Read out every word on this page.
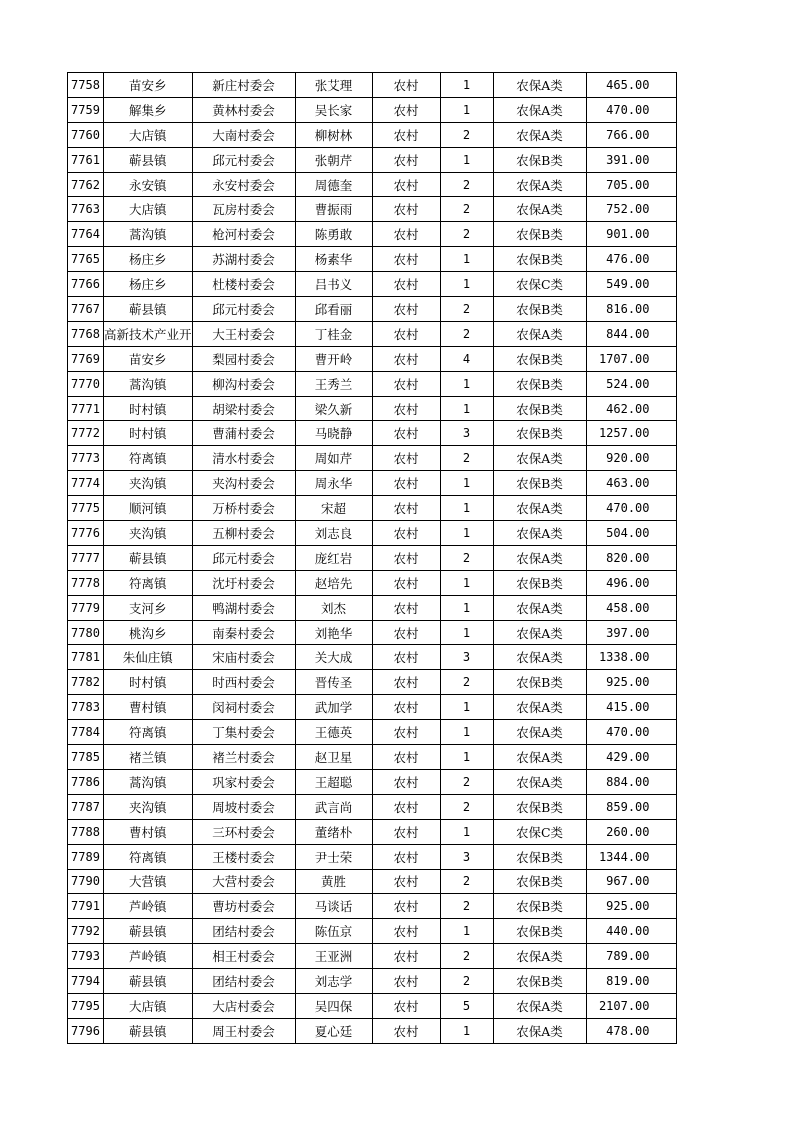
7758	苗安乡	新庄村委会	张艾理	农村	1	农保A类	465.00
7759	解集乡	黄林村委会	吴长家	农村	1	农保A类	470.00
7760	大店镇	大南村委会	柳树林	农村	2	农保A类	766.00
7761	蕲县镇	邱元村委会	张朝芹	农村	1	农保B类	391.00
7762	永安镇	永安村委会	周德奎	农村	2	农保A类	705.00
7763	大店镇	瓦房村委会	曹振雨	农村	2	农保A类	752.00
7764	蒿沟镇	枪河村委会	陈勇敢	农村	2	农保B类	901.00
7765	杨庄乡	苏湖村委会	杨素华	农村	1	农保B类	476.00
7766	杨庄乡	杜楼村委会	吕书义	农村	1	农保C类	549.00
7767	蕲县镇	邱元村委会	邱看丽	农村	2	农保B类	816.00
7768	高新技术产业开	大王村委会	丁桂金	农村	2	农保A类	844.00
7769	苗安乡	梨园村委会	曹开岭	农村	4	农保B类	1707.00
7770	蒿沟镇	柳沟村委会	王秀兰	农村	1	农保B类	524.00
7771	时村镇	胡梁村委会	梁久新	农村	1	农保B类	462.00
7772	时村镇	曹蒲村委会	马晓静	农村	3	农保B类	1257.00
7773	符离镇	清水村委会	周如芹	农村	2	农保A类	920.00
7774	夹沟镇	夹沟村委会	周永华	农村	1	农保B类	463.00
7775	顺河镇	万桥村委会	宋超	农村	1	农保A类	470.00
7776	夹沟镇	五柳村委会	刘志良	农村	1	农保A类	504.00
7777	蕲县镇	邱元村委会	庞红岩	农村	2	农保A类	820.00
7778	符离镇	沈圩村委会	赵培先	农村	1	农保B类	496.00
7779	支河乡	鸭湖村委会	刘杰	农村	1	农保A类	458.00
7780	桃沟乡	南秦村委会	刘艳华	农村	1	农保A类	397.00
7781	朱仙庄镇	宋庙村委会	关大成	农村	3	农保A类	1338.00
7782	时村镇	时西村委会	晋传圣	农村	2	农保B类	925.00
7783	曹村镇	闵祠村委会	武加学	农村	1	农保A类	415.00
7784	符离镇	丁集村委会	王德英	农村	1	农保A类	470.00
7785	褚兰镇	褚兰村委会	赵卫星	农村	1	农保A类	429.00
7786	蒿沟镇	巩家村委会	王超聪	农村	2	农保A类	884.00
7787	夹沟镇	周坡村委会	武言尚	农村	2	农保B类	859.00
7788	曹村镇	三环村委会	董绪朴	农村	1	农保C类	260.00
7789	符离镇	王楼村委会	尹士荣	农村	3	农保B类	1344.00
7790	大营镇	大营村委会	黄胜	农村	2	农保B类	967.00
7791	芦岭镇	曹坊村委会	马谈话	农村	2	农保B类	925.00
7792	蕲县镇	团结村委会	陈伍京	农村	1	农保B类	440.00
7793	芦岭镇	相王村委会	王亚洲	农村	2	农保A类	789.00
7794	蕲县镇	团结村委会	刘志学	农村	2	农保B类	819.00
7795	大店镇	大店村委会	吴四保	农村	5	农保A类	2107.00
7796	蕲县镇	周王村委会	夏心廷	农村	1	农保A类	478.00
